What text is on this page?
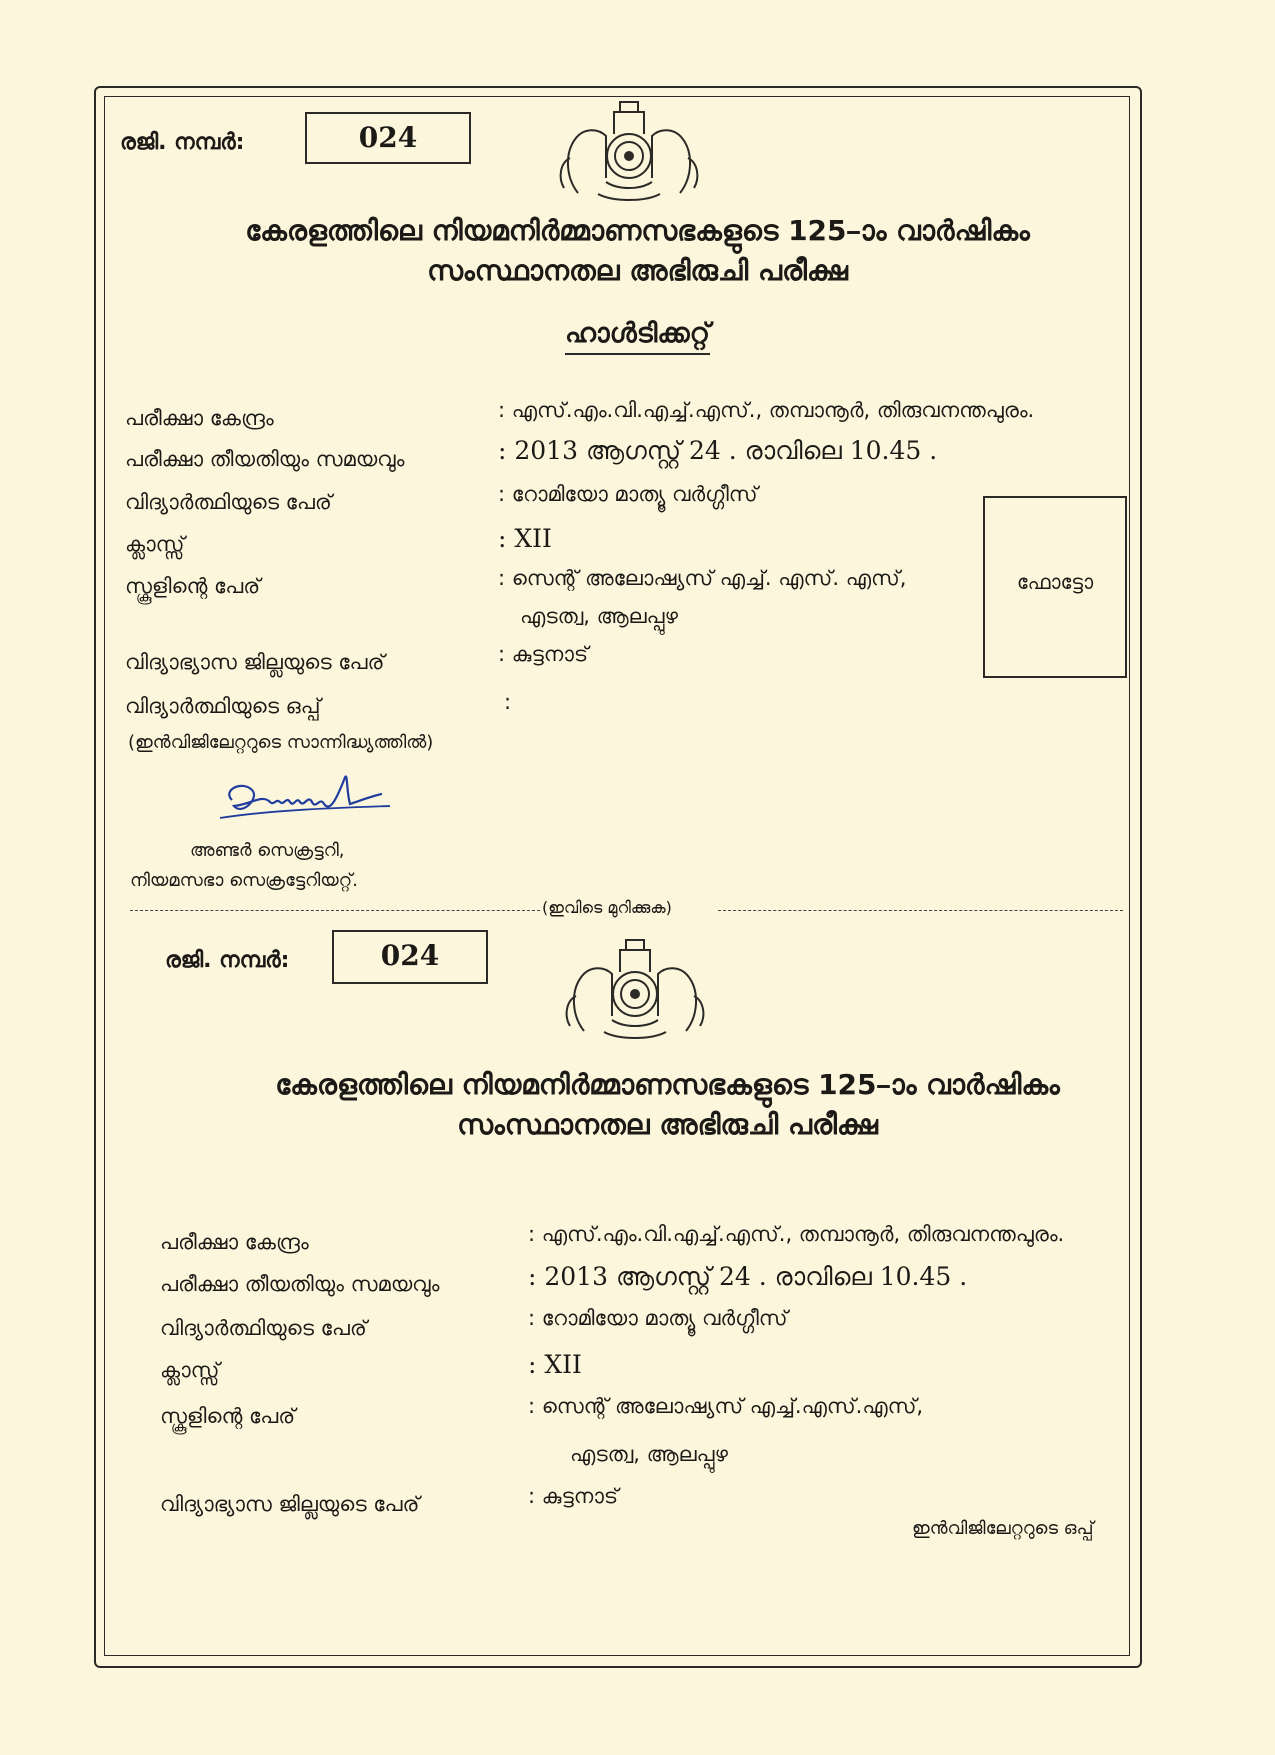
രജി. നമ്പർ:	024
കേരളത്തിലെ നിയമനിർമ്മാണസഭകളുടെ 125–ാം വാർഷികം
സംസ്ഥാനതല അഭിരുചി പരീക്ഷ
ഹാൾടിക്കറ്റ്
പരീക്ഷാ കേന്ദ്രം	: എസ്.എം.വി.എച്ച്.എസ്., തമ്പാനൂർ, തിരുവനന്തപുരം.
പരീക്ഷാ തീയതിയും സമയവും	: 2013 ആഗസ്റ്റ് 24 . രാവിലെ 10.45 .
വിദ്യാർത്ഥിയുടെ പേര്	: റോമിയോ മാത്യൂ വർഗ്ഗീസ്
ക്ലാസ്സ്	: XII
സ്കൂളിന്റെ പേര്	: സെന്റ് അലോഷ്യസ് എച്ച്. എസ്. എസ്,
എടത്വ, ആലപ്പുഴ
വിദ്യാഭ്യാസ ജില്ലയുടെ പേര്	: കുട്ടനാട്
വിദ്യാർത്ഥിയുടെ ഒപ്പ്	:
(ഇൻവിജിലേറ്ററുടെ സാന്നിദ്ധ്യത്തിൽ)
ഫോട്ടോ
അണ്ടർ സെക്രട്ടറി,
നിയമസഭാ സെക്രട്ടേറിയറ്റ്.
(ഇവിടെ മുറിക്കുക)
രജി. നമ്പർ:	024
കേരളത്തിലെ നിയമനിർമ്മാണസഭകളുടെ 125–ാം വാർഷികം
സംസ്ഥാനതല അഭിരുചി പരീക്ഷ
പരീക്ഷാ കേന്ദ്രം	: എസ്.എം.വി.എച്ച്.എസ്., തമ്പാനൂർ, തിരുവനന്തപുരം.
പരീക്ഷാ തീയതിയും സമയവും	: 2013 ആഗസ്റ്റ് 24 . രാവിലെ 10.45 .
വിദ്യാർത്ഥിയുടെ പേര്	: റോമിയോ മാത്യൂ വർഗ്ഗീസ്
ക്ലാസ്സ്	: XII
സ്കൂളിന്റെ പേര്	: സെന്റ് അലോഷ്യസ് എച്ച്.എസ്.എസ്,
എടത്വ, ആലപ്പുഴ
വിദ്യാഭ്യാസ ജില്ലയുടെ പേര്	: കുട്ടനാട്
ഇൻവിജിലേറ്ററുടെ ഒപ്പ്
